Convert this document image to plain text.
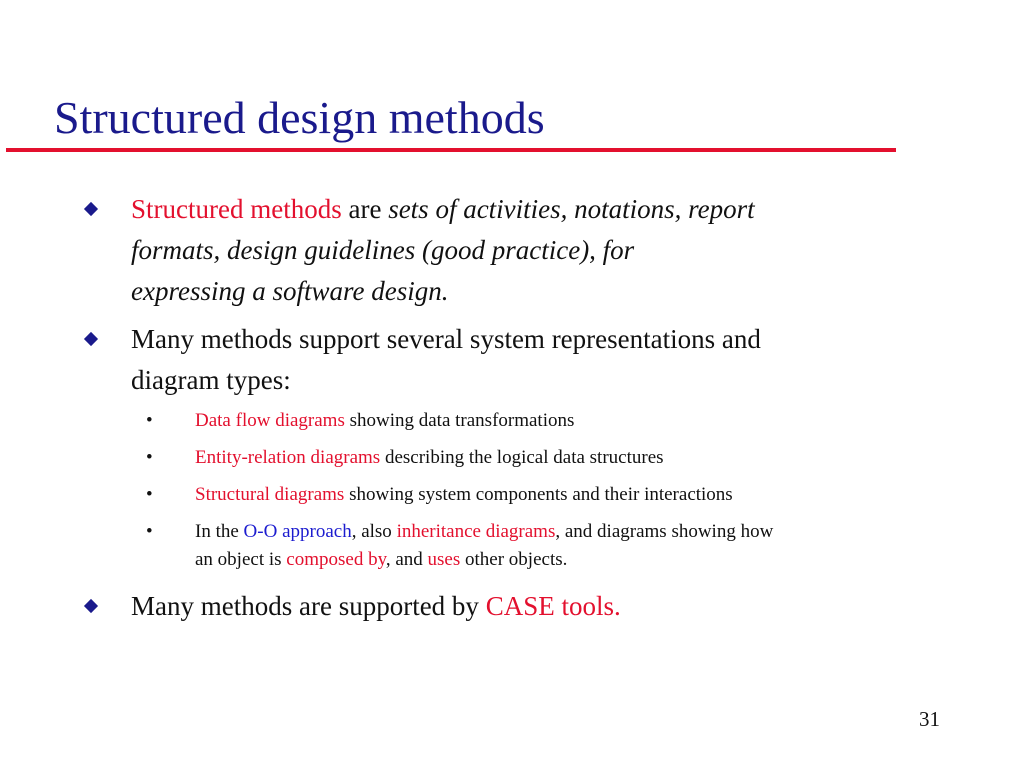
Structured design methods
Structured methods are sets of activities, notations, report
formats, design guidelines (good practice), for
expressing a software design.
Many methods support several system representations and
diagram types:
• Data flow diagrams showing data transformations
• Entity-relation diagrams describing the logical data structures
• Structural diagrams showing system components and their interactions
• In the O-O approach, also inheritance diagrams, and diagrams showing how
an object is composed by, and uses other objects.
Many methods are supported by CASE tools.
31
